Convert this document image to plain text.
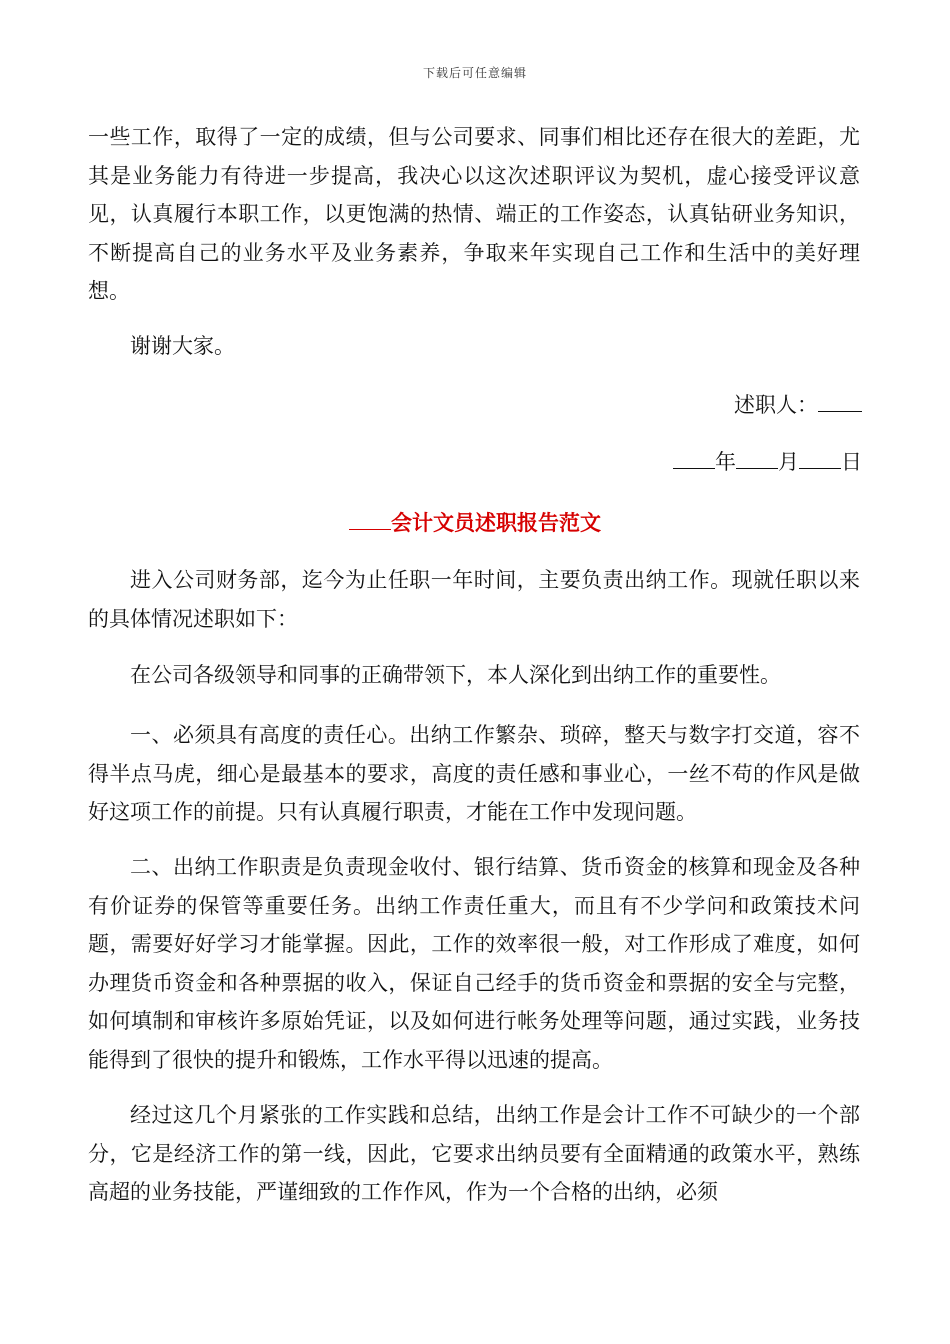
下载后可任意编辑

一些工作，取得了一定的成绩，但与公司要求、同事们相比还存在很大的差距，尤其是业务能力有待进一步提高，我决心以这次述职评议为契机，虚心接受评议意见，认真履行本职工作，以更饱满的热情、端正的工作姿态，认真钻研业务知识，不断提高自己的业务水平及业务素养，争取来年实现自己工作和生活中的美好理想。

谢谢大家。

述职人：
年 月 日
会计文员述职报告范文

进入公司财务部，迄今为止任职一年时间，主要负责出纳工作。现就任职以来的具体情况述职如下：

在公司各级领导和同事的正确带领下，本人深化到出纳工作的重要性。

一、必须具有高度的责任心。出纳工作繁杂、琐碎，整天与数字打交道，容不得半点马虎，细心是最基本的要求，高度的责任感和事业心，一丝不苟的作风是做好这项工作的前提。只有认真履行职责，才能在工作中发现问题。

二、出纳工作职责是负责现金收付、银行结算、货币资金的核算和现金及各种有价证券的保管等重要任务。出纳工作责任重大，而且有不少学问和政策技术问题，需要好好学习才能掌握。因此，工作的效率很一般，对工作形成了难度，如何办理货币资金和各种票据的收入，保证自己经手的货币资金和票据的安全与完整，如何填制和审核许多原始凭证，以及如何进行帐务处理等问题，通过实践，业务技能得到了很快的提升和锻炼，工作水平得以迅速的提高。

经过这几个月紧张的工作实践和总结，出纳工作是会计工作不可缺少的一个部分，它是经济工作的第一线，因此，它要求出纳员要有全面精通的政策水平，熟练高超的业务技能，严谨细致的工作作风，作为一个合格的出纳，必须
